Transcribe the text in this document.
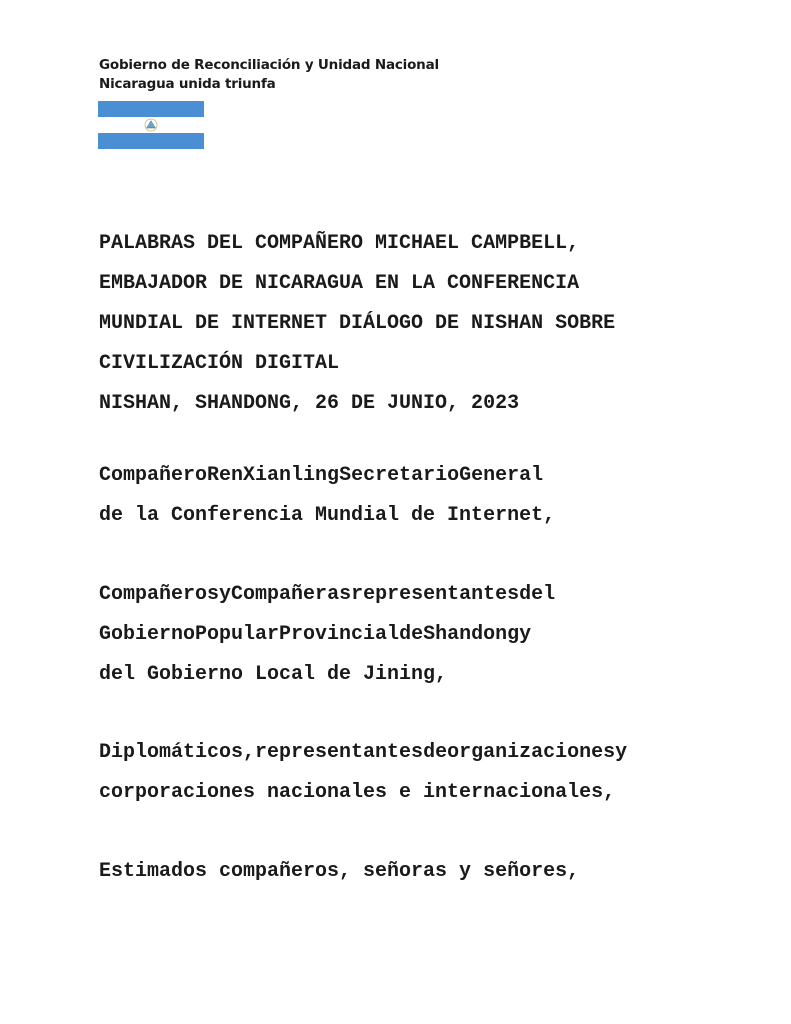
Gobierno de Reconciliación y Unidad Nacional
Nicaragua unida triunfa
PALABRAS DEL COMPAÑERO MICHAEL CAMPBELL,
EMBAJADOR DE NICARAGUA EN LA CONFERENCIA
MUNDIAL DE INTERNET DIÁLOGO DE NISHAN SOBRE
CIVILIZACIÓN DIGITAL
NISHAN, SHANDONG, 26 DE JUNIO, 2023
CompañeroRenXianlingSecretarioGeneral
de la Conferencia Mundial de Internet,
CompañerosyCompañerasrepresentantesdel
GobiernoPopularProvincialdeShandongy
del Gobierno Local de Jining,
Diplomáticos,representantesdeorganizacionesy
corporaciones nacionales e internacionales,
Estimados compañeros, señoras y señores,
